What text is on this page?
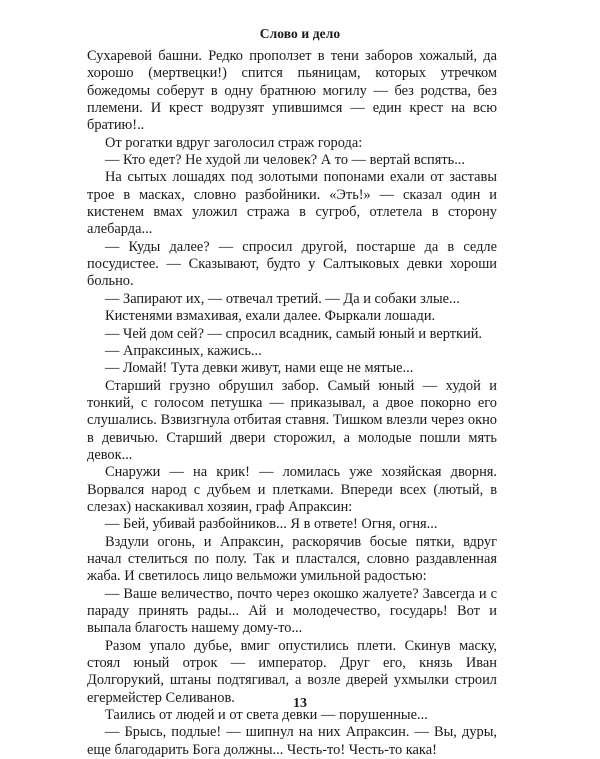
Слово и дело

Сухаревой башни. Редко проползет в тени заборов хожалый, да хорошо (мертвецки!) спится пьяницам, которых утречком божедомы соберут в одну братнюю могилу — без родства, без племени. И крест водрузят упившимся — един крест на всю братию!..

От рогатки вдруг заголосил страж города:

— Кто едет? Не худой ли человек? А то — вертай вспять...

На сытых лошадях под золотыми попонами ехали от заставы трое в масках, словно разбойники. «Эть!» — сказал один и кистенем вмах уложил стража в сугроб, отлетела в сторону алебарда...

— Куды далее? — спросил другой, постарше да в седле посудистее. — Сказывают, будто у Салтыковых девки хороши больно.

— Запирают их, — отвечал третий. — Да и собаки злые...

Кистенями взмахивая, ехали далее. Фыркали лошади.

— Чей дом сей? — спросил всадник, самый юный и верткий.

— Апраксиных, кажись...

— Ломай! Тута девки живут, нами еще не мятые...

Старший грузно обрушил забор. Самый юный — худой и тонкий, с голосом петушка — приказывал, а двое покорно его слушались. Взвизгнула отбитая ставня. Тишком влезли через окно в девичью. Старший двери сторожил, а молодые пошли мять девок...

Снаружи — на крик! — ломилась уже хозяйская дворня. Ворвался народ с дубьем и плетками. Впереди всех (лютый, в слезах) наскакивал хозяин, граф Апраксин:

— Бей, убивай разбойников... Я в ответе! Огня, огня...

Вздули огонь, и Апраксин, раскорячив босые пятки, вдруг начал стелиться по полу. Так и пластался, словно раздавленная жаба. И светилось лицо вельможи умильной радостью:

— Ваше величество, почто через окошко жалуете? Завсегда и с параду принять рады... Ай и молодечество, государь! Вот и выпала благость нашему дому-то...

Разом упало дубье, вмиг опустились плети. Скинув маску, стоял юный отрок — император. Друг его, князь Иван Долгорукий, штаны подтягивал, а возле дверей ухмылки строил егермейстер Селиванов.

Таились от людей и от света девки — порушенные...

— Брысь, подлые! — шипнул на них Апраксин. — Вы, дуры, еще благодарить Бога должны... Честь-то! Честь-то кака!

13
